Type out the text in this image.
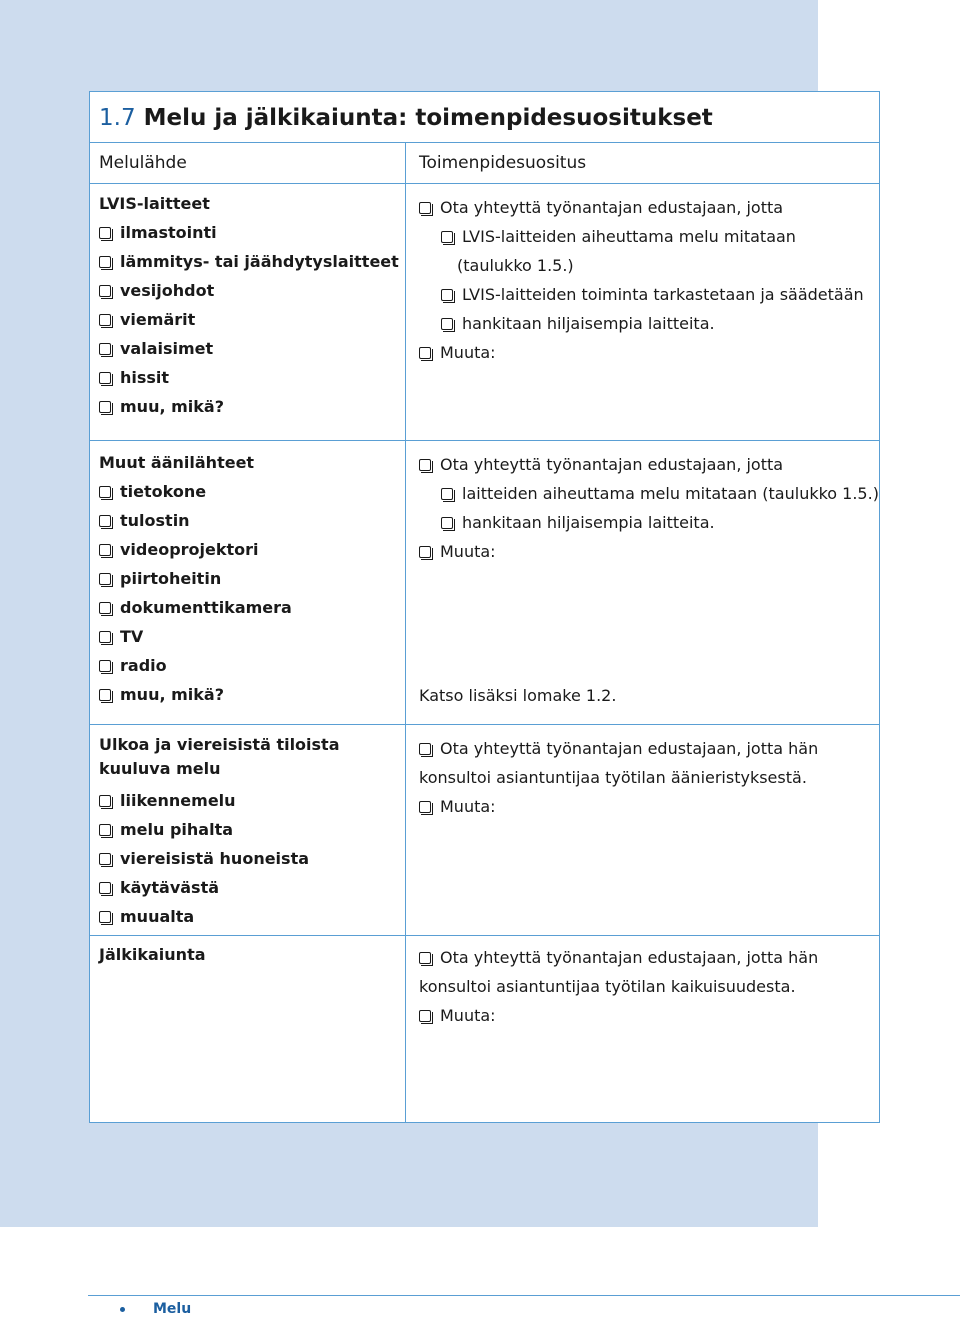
1.7 Melu ja jälkikaiunta: toimenpidesuositukset
Melulähde	Toimenpidesuositus
LVIS-laitteet
ilmastointi
lämmitys- tai jäähdytyslaitteet
vesijohdot
viemärit
valaisimet
hissit
muu, mikä?
Ota yhteyttä työnantajan edustajaan, jotta
LVIS-laitteiden aiheuttama melu mitataan
(taulukko 1.5.)
LVIS-laitteiden toiminta tarkastetaan ja säädetään
hankitaan hiljaisempia laitteita.
Muuta:
Muut äänilähteet
tietokone
tulostin
videoprojektori
piirtoheitin
dokumenttikamera
TV
radio
muu, mikä?
Ota yhteyttä työnantajan edustajaan, jotta
laitteiden aiheuttama melu mitataan (taulukko 1.5.)
hankitaan hiljaisempia laitteita.
Muuta:
Katso lisäksi lomake 1.2.
Ulkoa ja viereisistä tiloista kuuluva melu
liikennemelu
melu pihalta
viereisistä huoneista
käytävästä
muualta
Ota yhteyttä työnantajan edustajaan, jotta hän
konsultoi asiantuntijaa työtilan äänieristyksestä.
Muuta:
Jälkikaiunta	Ota yhteyttä työnantajan edustajaan, jotta hän
konsultoi asiantuntijaa työtilan kaikuisuudesta.
Muuta:
Melu
